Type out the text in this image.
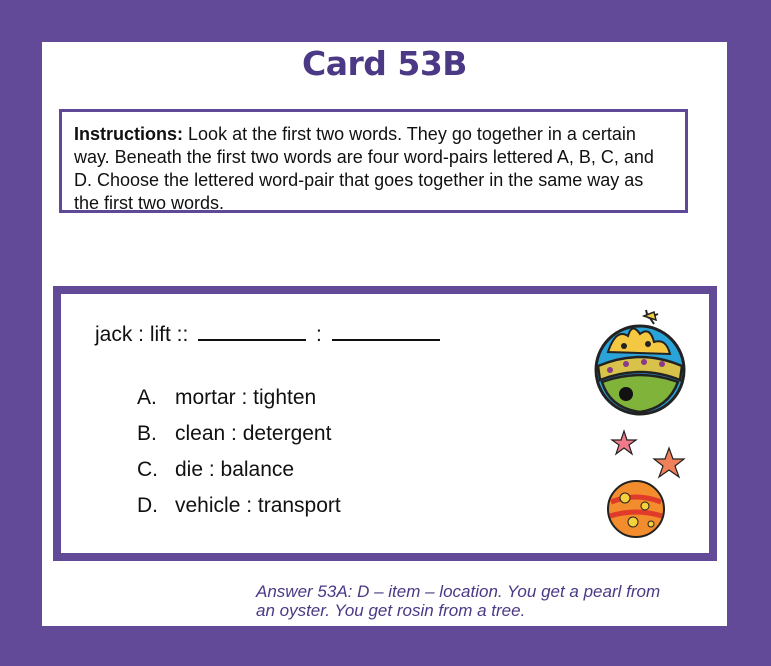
Card 53B
Instructions: Look at the first two words. They go together in a certain way. Beneath the first two words are four word-pairs lettered A, B, C, and D. Choose the lettered word-pair that goes together in the same way as the first two words.
jack : lift ::	:
A. mortar : tighten
B. clean : detergent
C. die : balance
D. vehicle : transport
Answer 53A: D – item – location. You get a pearl from
an oyster. You get rosin from a tree.
